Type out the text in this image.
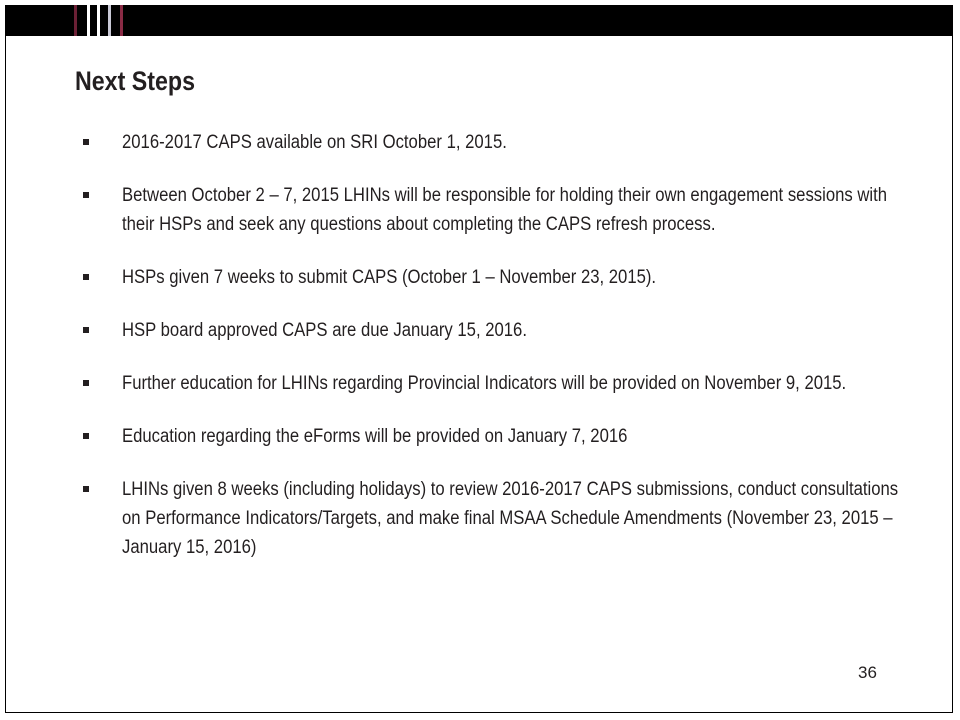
Next Steps
2016-2017 CAPS available on SRI October 1, 2015.
Between October 2 – 7, 2015 LHINs will be responsible for holding their own engagement sessions with their HSPs and seek any questions about completing the CAPS refresh process.
HSPs given 7 weeks to submit CAPS (October 1 – November 23, 2015).
HSP board approved CAPS are due January 15, 2016.
Further education for LHINs regarding Provincial Indicators will be provided on November 9, 2015.
Education regarding the eForms will be provided on January 7, 2016
LHINs given 8 weeks (including holidays) to review 2016-2017 CAPS submissions, conduct consultations on Performance Indicators/Targets, and make final MSAA Schedule Amendments (November 23, 2015 – January 15, 2016)
36
